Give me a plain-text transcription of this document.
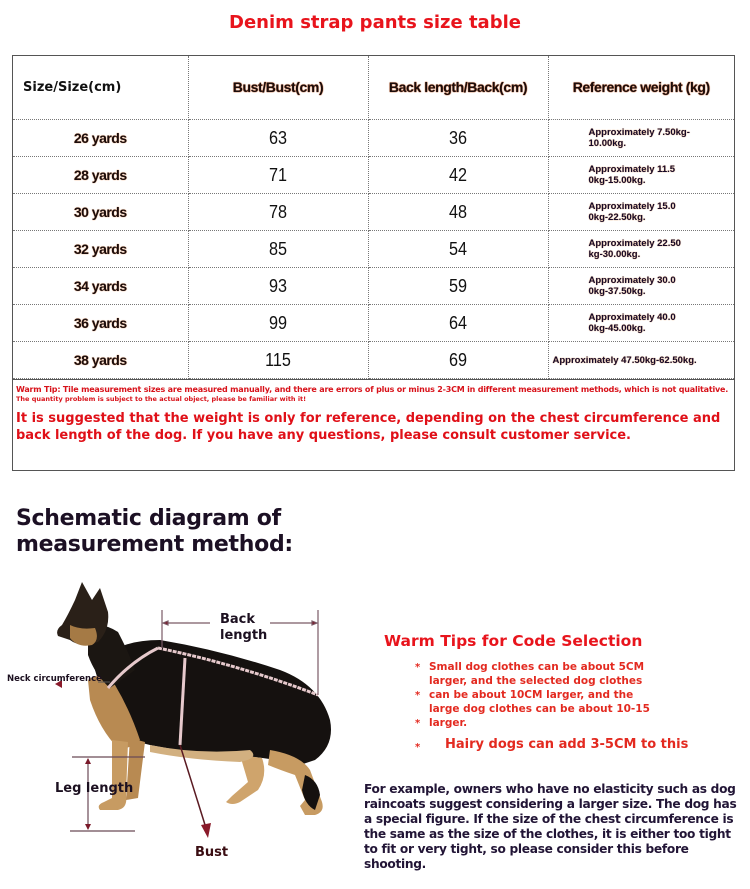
Denim strap pants size table
Size/Size(cm)	Bust/Bust(cm)	Back length/Back(cm)	Reference weight (kg)
26 yards	63	36	Approximately 7.50kg-
10.00kg.

28 yards	71	42	Approximately 11.5
0kg-15.00kg.

30 yards	78	48	Approximately 15.0
0kg-22.50kg.

32 yards	85	54	Approximately 22.50
kg-30.00kg.

34 yards	93	59	Approximately 30.0
0kg-37.50kg.

36 yards	99	64	Approximately 40.0
0kg-45.00kg.

38 yards	115	69	Approximately 47.50kg-62.50kg.
Warm Tip: Tile measurement sizes are measured manually, and there are errors of plus or minus 2-3CM in different measurement methods, which is not qualitative.
The quantity problem is subject to the actual object, please be familiar with it!
It is suggested that the weight is only for reference, depending on the chest circumference and
back length of the dog. If you have any questions, please consult customer service.
Schematic diagram of
measurement method:
Back
length
Neck circumference
Leg length
Bust
Warm Tips for Code Selection
* Small dog clothes can be about 5CM
larger, and the selected dog clothes
* can be about 10CM larger, and the
large dog clothes can be about 10-15
* larger.
* Hairy dogs can add 3-5CM to this
For example, owners who have no elasticity such as dog raincoats suggest considering a larger size. The dog has a special figure. If the size of the chest circumference is the same as the size of the clothes, it is either too tight to fit or very tight, so please consider this before shooting.
